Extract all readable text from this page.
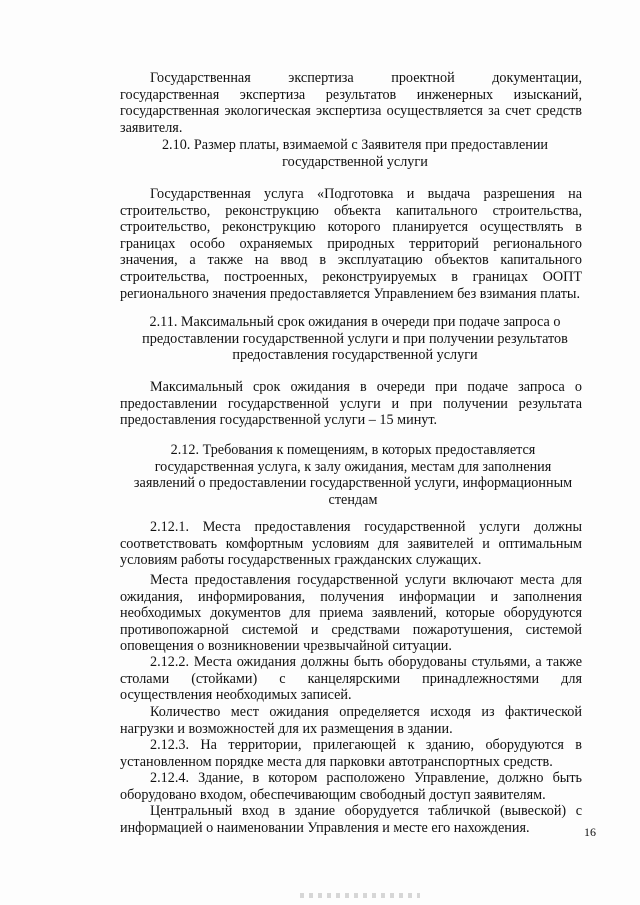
Государственная экспертиза проектной документации, государственная экспертиза результатов инженерных изысканий, государственная экологическая экспертиза осуществляется за счет средств заявителя.

2.10. Размер платы, взимаемой с Заявителя при предоставлении государственной услуги

Государственная услуга «Подготовка и выдача разрешения на строительство, реконструкцию объекта капитального строительства, строительство, реконструкцию которого планируется осуществлять в границах особо охраняемых природных территорий регионального значения, а также на ввод в эксплуатацию объектов капитального строительства, построенных, реконструируемых в границах ООПТ регионального значения предоставляется Управлением без взимания платы.

2.11. Максимальный срок ожидания в очереди при подаче запроса о предоставлении государственной услуги и при получении результатов предоставления государственной услуги

Максимальный срок ожидания в очереди при подаче запроса о предоставлении государственной услуги и при получении результата предоставления государственной услуги – 15 минут.

2.12. Требования к помещениям, в которых предоставляется государственная услуга, к залу ожидания, местам для заполнения заявлений о предоставлении государственной услуги, информационным стендам

2.12.1. Места предоставления государственной услуги должны соответствовать комфортным условиям для заявителей и оптимальным условиям работы государственных гражданских служащих.

Места предоставления государственной услуги включают места для ожидания, информирования, получения информации и заполнения необходимых документов для приема заявлений, которые оборудуются противопожарной системой и средствами пожаротушения, системой оповещения о возникновении чрезвычайной ситуации.

2.12.2. Места ожидания должны быть оборудованы стульями, а также столами (стойками) с канцелярскими принадлежностями для осуществления необходимых записей.

Количество мест ожидания определяется исходя из фактической нагрузки и возможностей для их размещения в здании.

2.12.3. На территории, прилегающей к зданию, оборудуются в установленном порядке места для парковки автотранспортных средств.

2.12.4. Здание, в котором расположено Управление, должно быть оборудовано входом, обеспечивающим свободный доступ заявителям.

Центральный вход в здание оборудуется табличкой (вывеской) с информацией о наименовании Управления и месте его нахождения.	16
